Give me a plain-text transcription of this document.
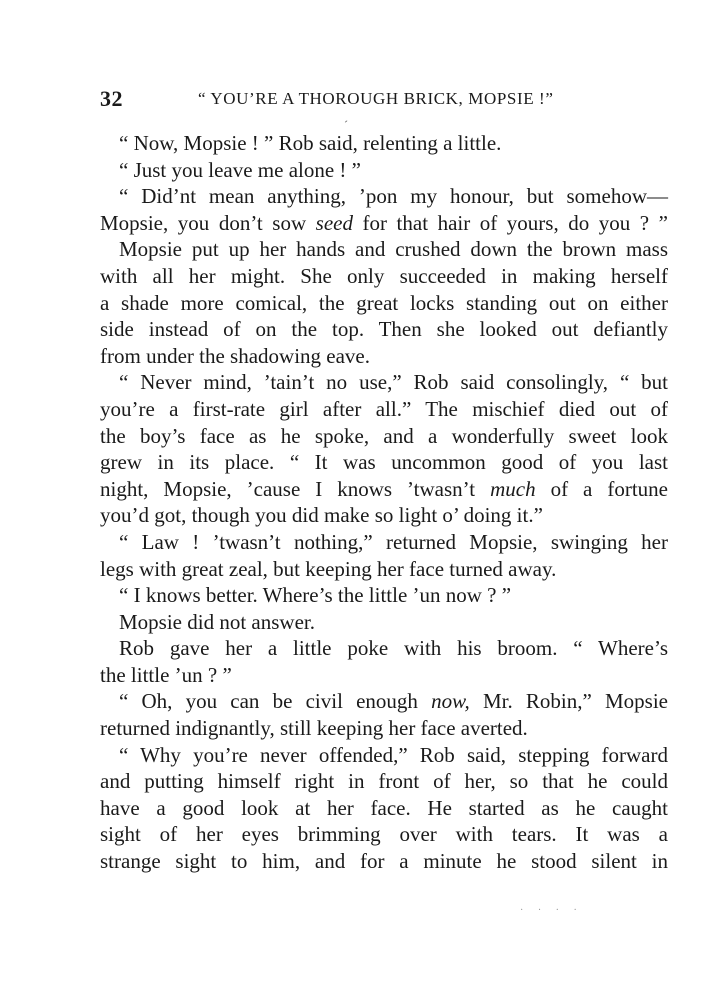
32	“ YOU’RE A THOROUGH BRICK, MOPSIE !”
ˊ
“ Now, Mopsie ! ” Rob said, relenting a little.
“ Just you leave me alone ! ”
“ Did’nt mean anything, ’pon my honour, but somehow—
Mopsie, you don’t sow seed for that hair of yours, do you ? ”
Mopsie put up her hands and crushed down the brown mass
with all her might. She only succeeded in making herself
a shade more comical, the great locks standing out on either
side instead of on the top. Then she looked out defiantly
from under the shadowing eave.
“ Never mind, ’tain’t no use,” Rob said consolingly, “ but
you’re a first-rate girl after all.” The mischief died out of
the boy’s face as he spoke, and a wonderfully sweet look
grew in its place. “ It was uncommon good of you last
night, Mopsie, ’cause I knows ’twasn’t much of a fortune
you’d got, though you did make so light o’ doing it.”
“ Law ! ’twasn’t nothing,” returned Mopsie, swinging her
legs with great zeal, but keeping her face turned away.
“ I knows better. Where’s the little ’un now ? ”
Mopsie did not answer.
Rob gave her a little poke with his broom. “ Where’s
the little ’un ? ”
“ Oh, you can be civil enough now, Mr. Robin,” Mopsie
returned indignantly, still keeping her face averted.
“ Why you’re never offended,” Rob said, stepping forward
and putting himself right in front of her, so that he could
have a good look at her face. He started as he caught
sight of her eyes brimming over with tears. It was a
strange sight to him, and for a minute he stood silent in
· · · ·
